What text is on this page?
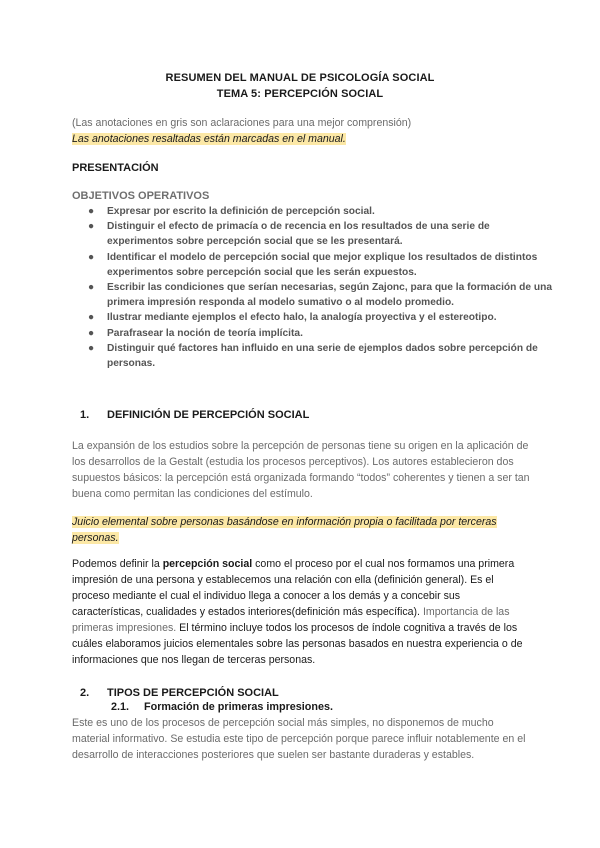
RESUMEN DEL MANUAL DE PSICOLOGÍA SOCIAL
TEMA 5: PERCEPCIÓN SOCIAL
(Las anotaciones en gris son aclaraciones para una mejor comprensión)
Las anotaciones resaltadas están marcadas en el manual.
PRESENTACIÓN
OBJETIVOS OPERATIVOS
● Expresar por escrito la definición de percepción social.
● Distinguir el efecto de primacía o de recencia en los resultados de una serie de experimentos sobre percepción social que se les presentará.
● Identificar el modelo de percepción social que mejor explique los resultados de distintos experimentos sobre percepción social que les serán expuestos.
● Escribir las condiciones que serían necesarias, según Zajonc, para que la formación de una primera impresión responda al modelo sumativo o al modelo promedio.
● Ilustrar mediante ejemplos el efecto halo, la analogía proyectiva y el estereotipo.
● Parafrasear la noción de teoría implícita.
● Distinguir qué factores han influido en una serie de ejemplos dados sobre percepción de personas.
1. DEFINICIÓN DE PERCEPCIÓN SOCIAL
La expansión de los estudios sobre la percepción de personas tiene su origen en la aplicación de los desarrollos de la Gestalt (estudia los procesos perceptivos). Los autores establecieron dos supuestos básicos: la percepción está organizada formando “todos” coherentes y tienen a ser tan buena como permitan las condiciones del estímulo.
Juicio elemental sobre personas basándose en información propia o facilitada por terceras personas.
Podemos definir la percepción social como el proceso por el cual nos formamos una primera impresión de una persona y establecemos una relación con ella (definición general). Es el proceso mediante el cual el individuo llega a conocer a los demás y a concebir sus características, cualidades y estados interiores(definición más específica). Importancia de las primeras impresiones. El término incluye todos los procesos de índole cognitiva a través de los cuáles elaboramos juicios elementales sobre las personas basados en nuestra experiencia o de informaciones que nos llegan de terceras personas.
2. TIPOS DE PERCEPCIÓN SOCIAL
2.1. Formación de primeras impresiones.
Este es uno de los procesos de percepción social más simples, no disponemos de mucho material informativo. Se estudia este tipo de percepción porque parece influir notablemente en el desarrollo de interacciones posteriores que suelen ser bastante duraderas y estables.
